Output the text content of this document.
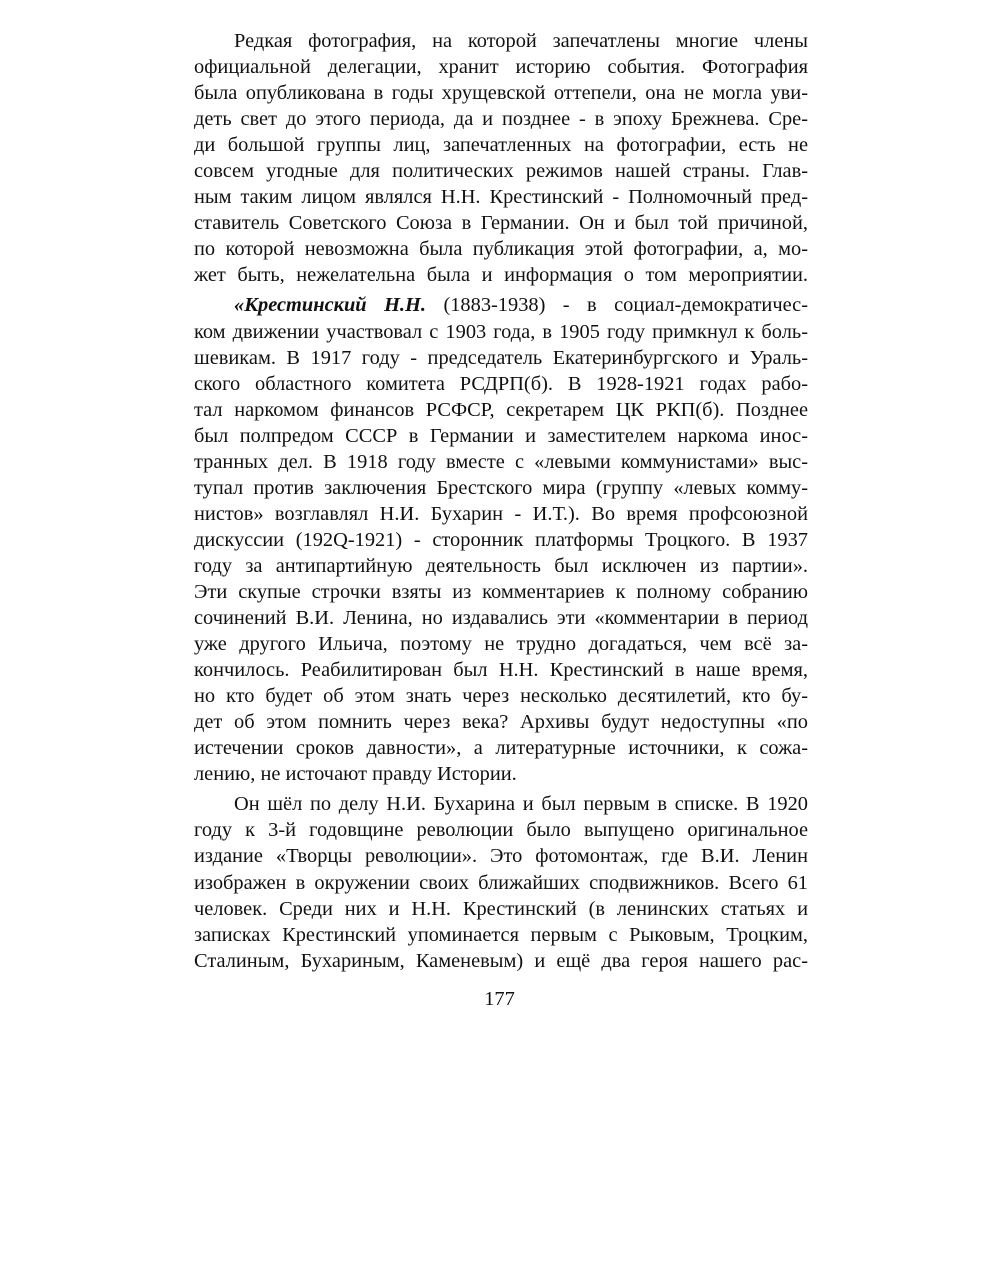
Редкая фотография, на которой запечатлены многие члены
официальной делегации, хранит историю события. Фотография
была опубликована в годы хрущевской оттепели, она не могла уви-
деть свет до этого периода, да и позднее - в эпоху Брежнева. Сре-
ди большой группы лиц, запечатленных на фотографии, есть не
совсем угодные для политических режимов нашей страны. Глав-
ным таким лицом являлся Н.Н. Крестинский - Полномочный пред-
ставитель Советского Союза в Германии. Он и был той причиной,
по которой невозможна была публикация этой фотографии, а, мо-
жет быть, нежелательна была и информация о том мероприятии.
«Крестинский Н.Н. (1883-1938) - в социал-демократичес-
ком движении участвовал с 1903 года, в 1905 году примкнул к боль-
шевикам. В 1917 году - председатель Екатеринбургского и Ураль-
ского областного комитета РСДРП(б). В 1928-1921 годах рабо-
тал наркомом финансов РСФСР, секретарем ЦК РКП(б). Позднее
был полпредом СССР в Германии и заместителем наркома инос-
транных дел. В 1918 году вместе с «левыми коммунистами» выс-
тупал против заключения Брестского мира (группу «левых комму-
нистов» возглавлял Н.И. Бухарин - И.Т.). Во время профсоюзной
дискуссии (192Q-1921) - сторонник платформы Троцкого. В 1937
году за антипартийную деятельность был исключен из партии».
Эти скупые строчки взяты из комментариев к полному собранию
сочинений В.И. Ленина, но издавались эти «комментарии в период
уже другого Ильича, поэтому не трудно догадаться, чем всё за-
кончилось. Реабилитирован был Н.Н. Крестинский в наше время,
но кто будет об этом знать через несколько десятилетий, кто бу-
дет об этом помнить через века? Архивы будут недоступны «по
истечении сроков давности», а литературные источники, к сожа-
лению, не источают правду Истории.
Он шёл по делу Н.И. Бухарина и был первым в списке. В 1920
году к 3-й годовщине революции было выпущено оригинальное
издание «Творцы революции». Это фотомонтаж, где В.И. Ленин
изображен в окружении своих ближайших сподвижников. Всего 61
человек. Среди них и Н.Н. Крестинский (в ленинских статьях и
записках Крестинский упоминается первым с Рыковым, Троцким,
Сталиным, Бухариным, Каменевым) и ещё два героя нашего рас-
177
